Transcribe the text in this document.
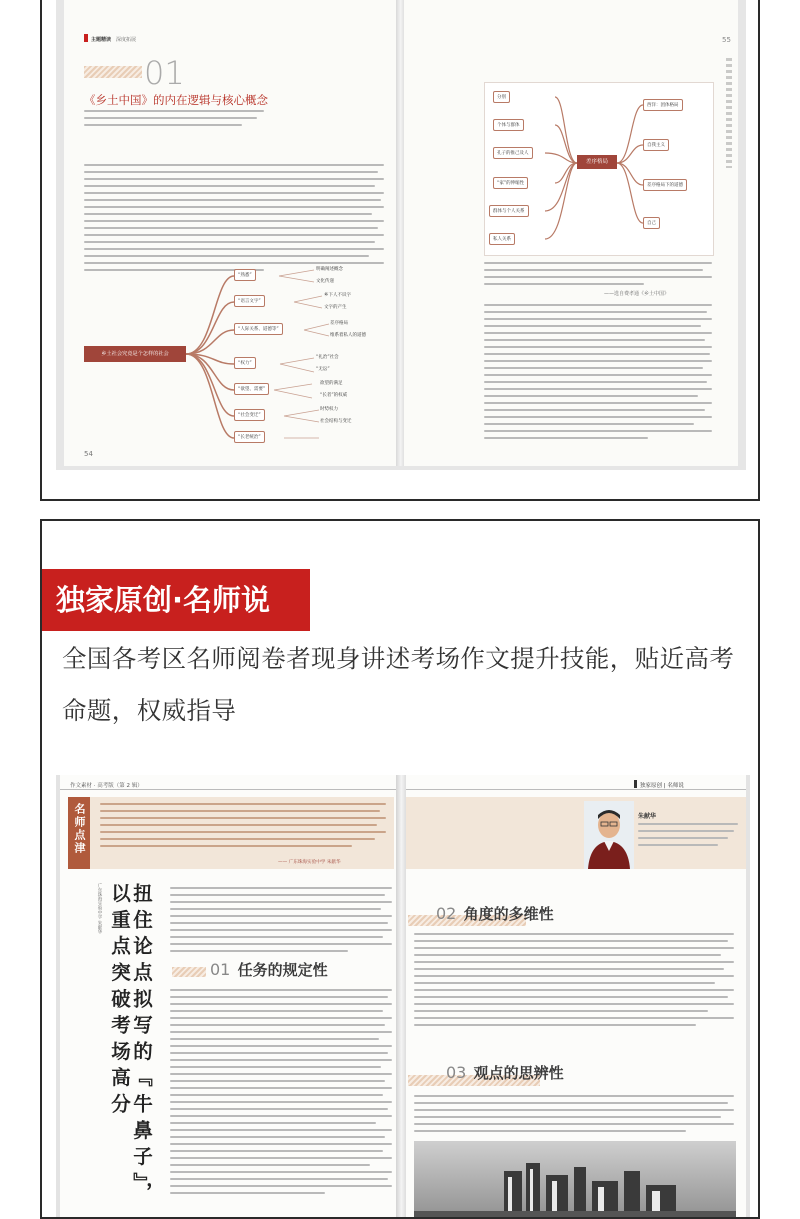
主题精读 深度拓展
01
《乡土中国》的内在逻辑与核心概念
乡土社会究竟是个怎样的社会
“熟悉”
“语言文字”
“人际关系、道德等”
“权力”
“欲望、需要”
“社会变迁”
“长老统治”
明确阐述概念
文化传递
乡下人不识字
文字的产生
差序格局
维系着私人的道德
“礼治”社会
“无讼”
欲望的满足
“长者”的权威
时势权力
社会结构与变迁
54
55
差序格局
分别
个体与群体
孔子的推己及人
“家”的伸缩性
群体与个人关系
私人关系
西洋：团体格局
自我主义
差序格局下的道德
自己
——选自费孝通《乡土中国》
独家原创·名师说
全国各考区名师阅卷者现身讲述考场作文提升技能，贴近高考命题，权威指导
作文素材 · 高考版（第 2 辑）
名师点津
—— 广东珠海实验中学 朱献华
扭 住 论 点 拟 写 的 『 牛 鼻 子 』，
以 重 点 突 破 考 场 高 分
广东珠海实验中学 朱献华
01 任务的规定性
独家原创 | 名师说
朱献华
02 角度的多维性
03 观点的思辨性
